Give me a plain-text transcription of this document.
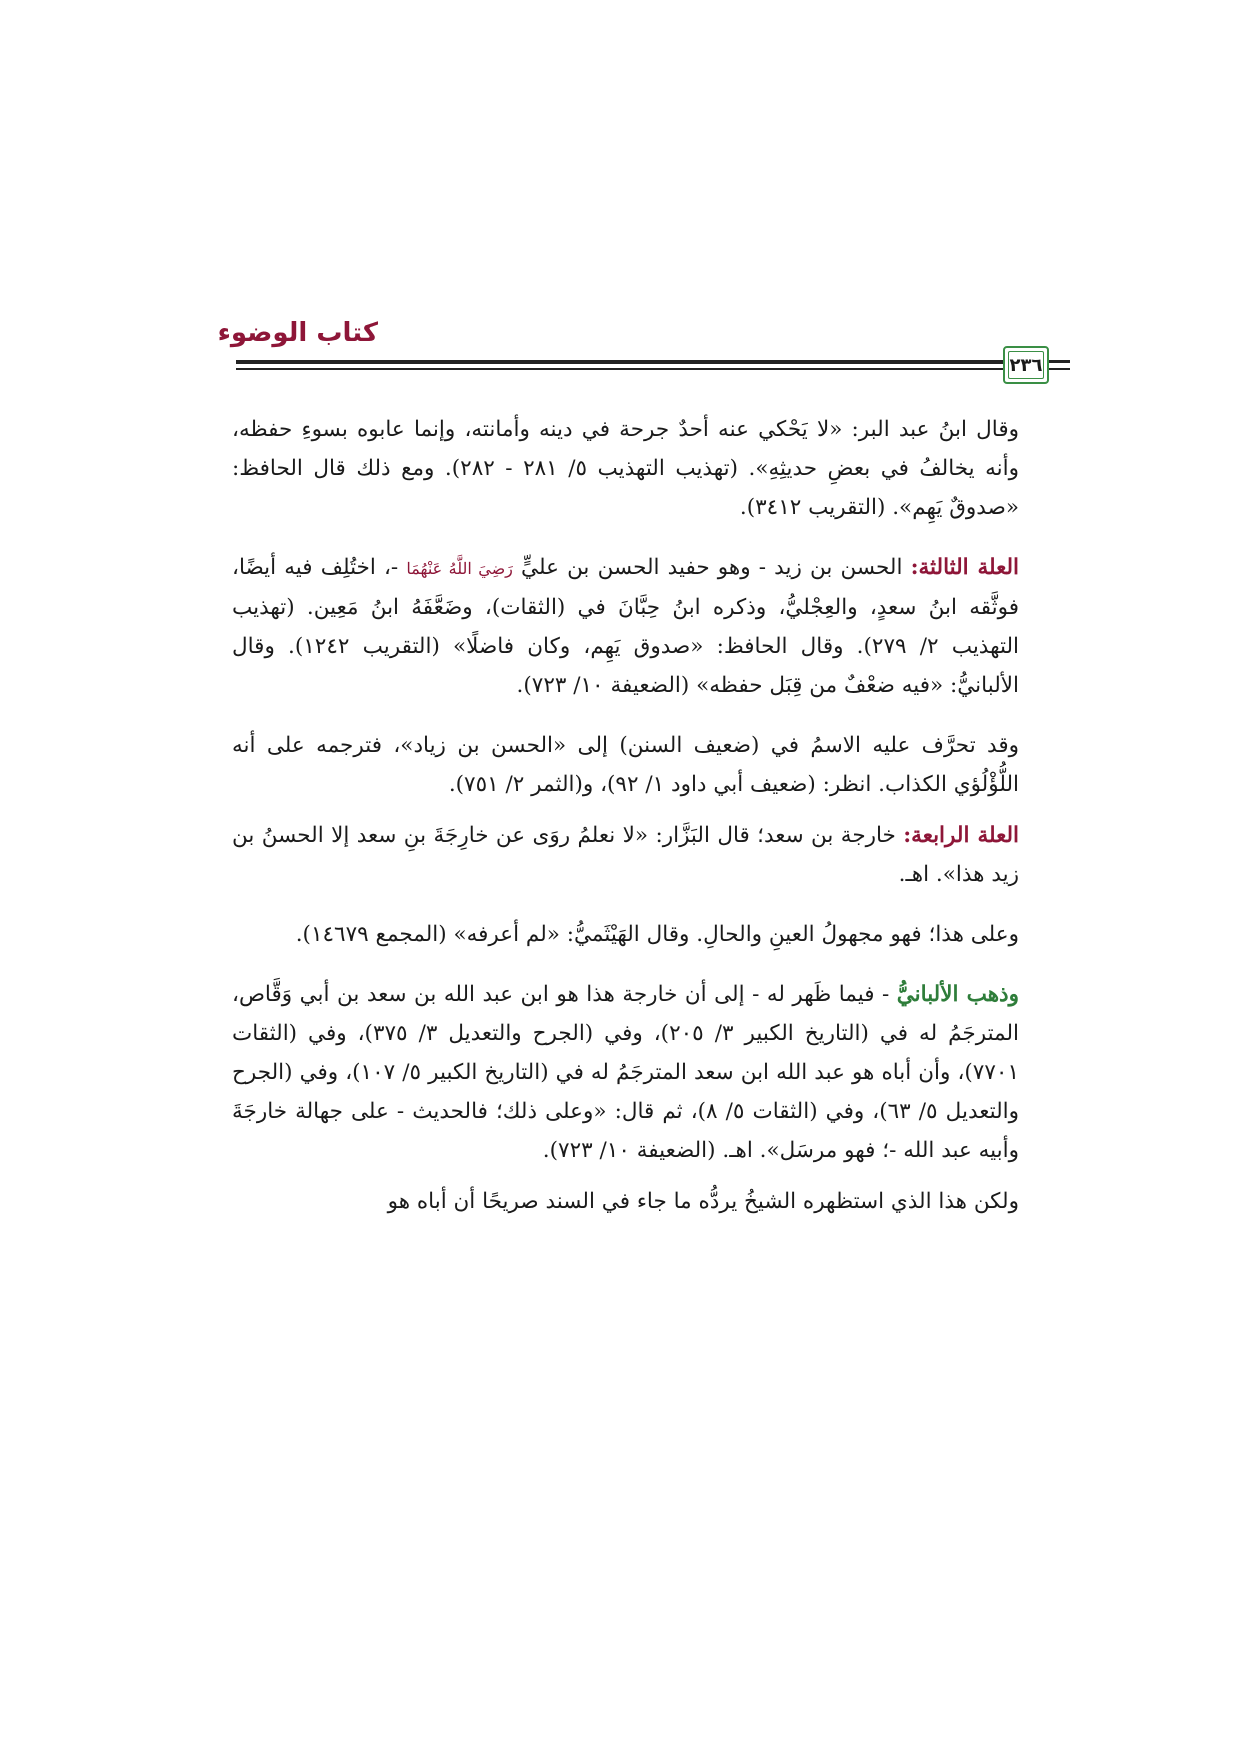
كتاب الوضوء
٢٣٦

وقال ابنُ عبد البر: «لا يَحْكي عنه أحدٌ جرحة في دينه وأمانته، وإنما عابوه بسوءِ حفظه، وأنه يخالفُ في بعضِ حديثِهِ». (تهذيب التهذيب ٥/ ٢٨١ - ٢٨٢). ومع ذلك قال الحافظ: «صدوقٌ يَهِم». (التقريب ٣٤١٢).

العلة الثالثة: الحسن بن زيد - وهو حفيد الحسن بن عليٍّ رَضِيَ اللَّهُ عَنْهُمَا -، اختُلِف فيه أيضًا، فوثَّقه ابنُ سعدٍ، والعِجْليُّ، وذكره ابنُ حِبَّانَ في (الثقات)، وضَعَّفَهُ ابنُ مَعِين. (تهذيب التهذيب ٢/ ٢٧٩). وقال الحافظ: «صدوق يَهِم، وكان فاضلًا» (التقريب ١٢٤٢). وقال الألبانيُّ: «فيه ضعْفٌ من قِبَل حفظه» (الضعيفة ١٠/ ٧٢٣).

وقد تحرَّف عليه الاسمُ في (ضعيف السنن) إلى «الحسن بن زياد»، فترجمه على أنه اللُّؤْلُؤي الكذاب. انظر: (ضعيف أبي داود ١/ ٩٢)، و(الثمر ٢/ ٧٥١).

العلة الرابعة: خارجة بن سعد؛ قال البَزَّار: «لا نعلمُ روَى عن خارِجَةَ بنِ سعد إلا الحسنُ بن زيد هذا». اهـ.

وعلى هذا؛ فهو مجهولُ العينِ والحالِ. وقال الهَيْثَميُّ: «لم أعرفه» (المجمع ١٤٦٧٩).

وذهب الألبانيُّ - فيما ظَهر له - إلى أن خارجة هذا هو ابن عبد الله بن سعد بن أبي وَقَّاص، المترجَمُ له في (التاريخ الكبير ٣/ ٢٠٥)، وفي (الجرح والتعديل ٣/ ٣٧٥)، وفي (الثقات ٧٧٠١)، وأن أباه هو عبد الله ابن سعد المترجَمُ له في (التاريخ الكبير ٥/ ١٠٧)، وفي (الجرح والتعديل ٥/ ٦٣)، وفي (الثقات ٥/ ٨)، ثم قال: «وعلى ذلك؛ فالحديث - على جهالة خارجَةَ وأبيه عبد الله -؛ فهو مرسَل». اهـ. (الضعيفة ١٠/ ٧٢٣).

ولكن هذا الذي استظهره الشيخُ يردُّه ما جاء في السند صريحًا أن أباه هو
